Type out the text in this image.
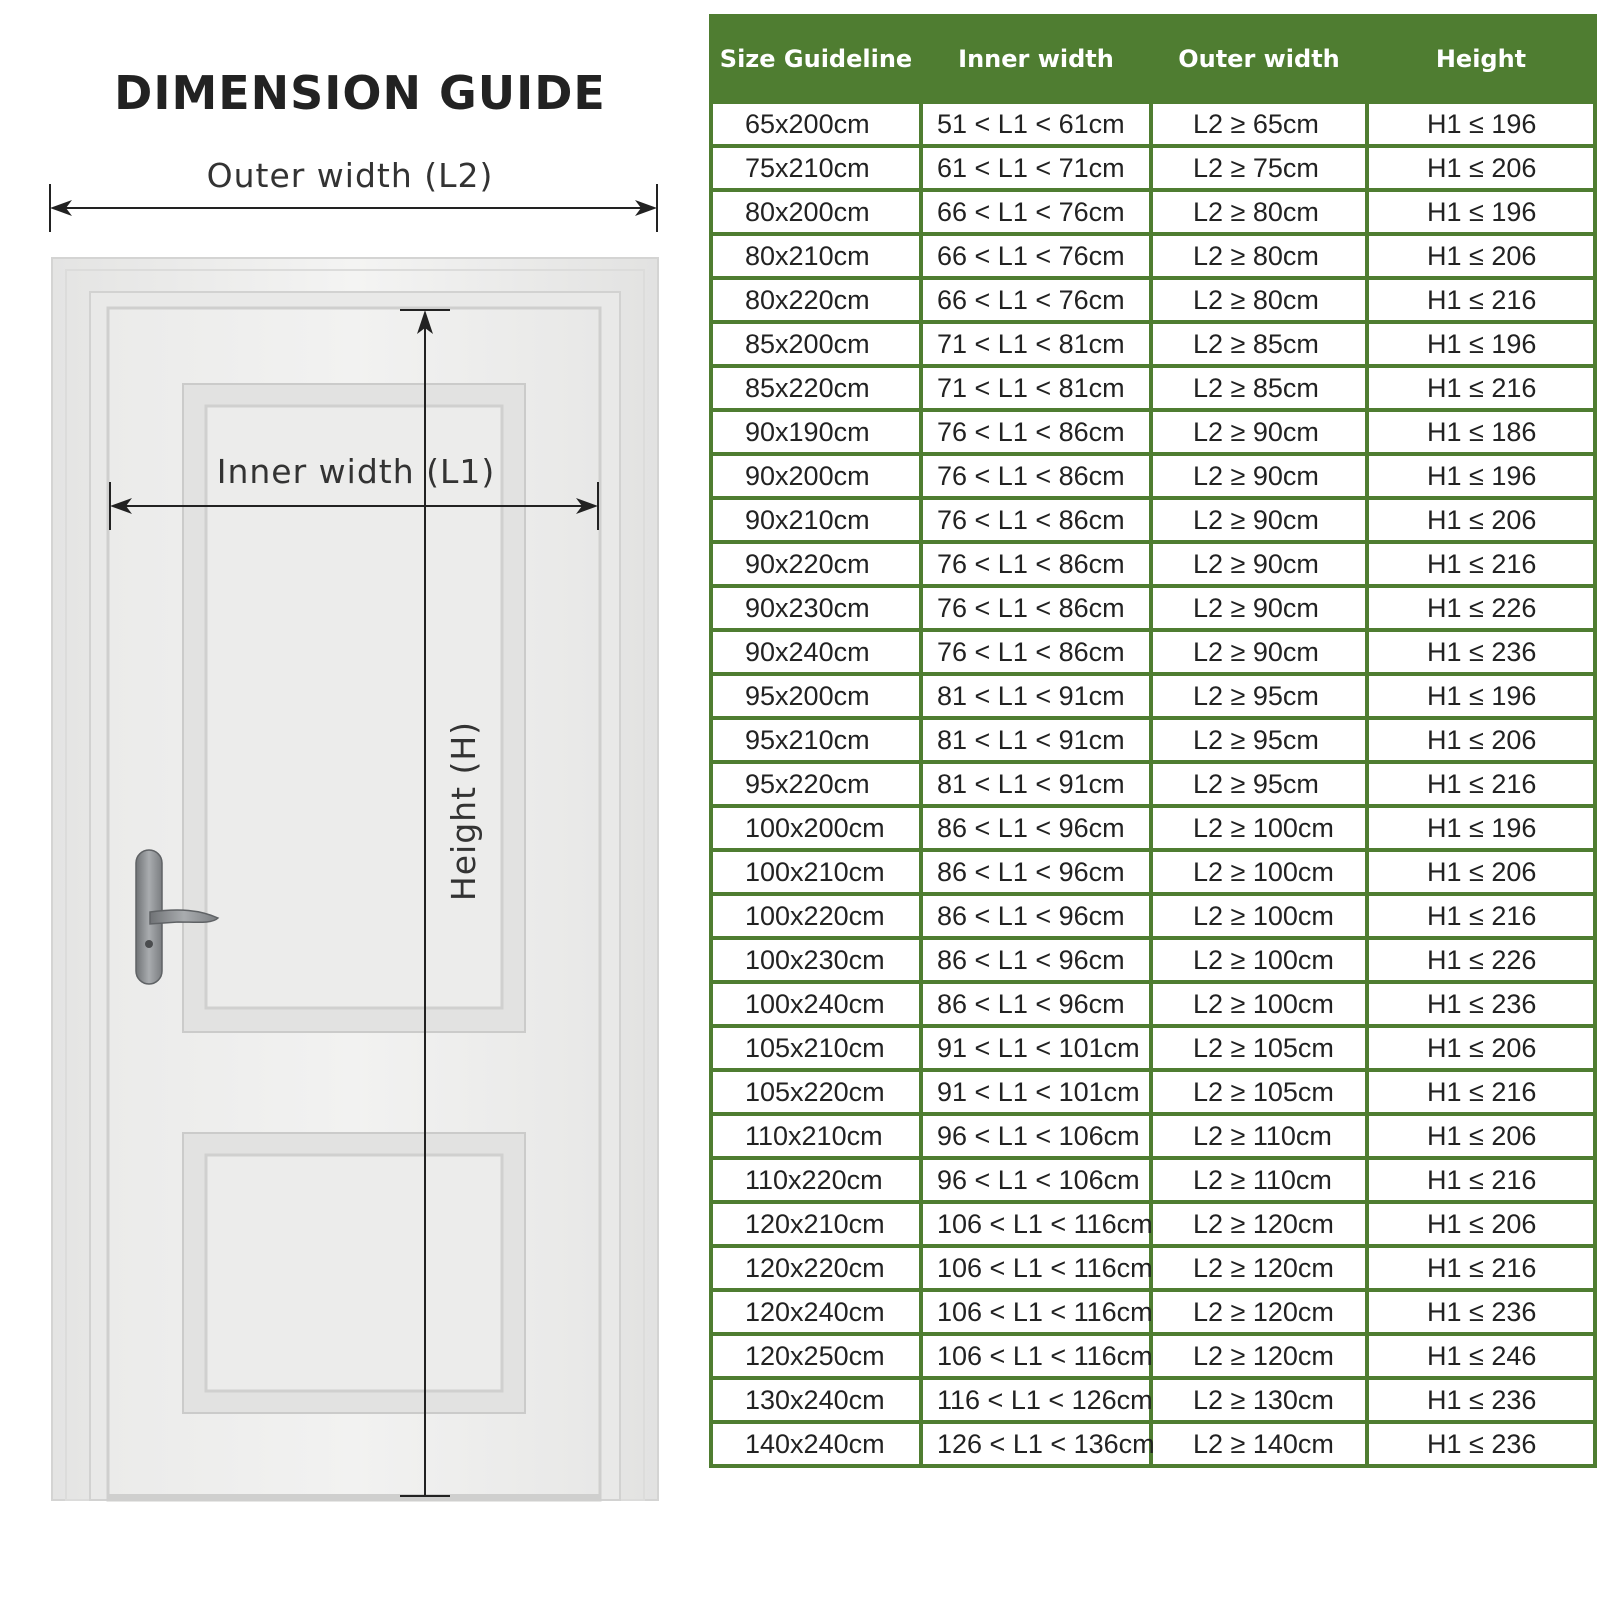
DIMENSION GUIDE
Outer width (L2)
Inner width (L1)
Height (H)
Size Guideline	Inner width	Outer width	Height
65x200cm	51 < L1 < 61cm	L2 ≥ 65cm	H1 ≤ 196
75x210cm	61 < L1 < 71cm	L2 ≥ 75cm	H1 ≤ 206
80x200cm	66 < L1 < 76cm	L2 ≥ 80cm	H1 ≤ 196
80x210cm	66 < L1 < 76cm	L2 ≥ 80cm	H1 ≤ 206
80x220cm	66 < L1 < 76cm	L2 ≥ 80cm	H1 ≤ 216
85x200cm	71 < L1 < 81cm	L2 ≥ 85cm	H1 ≤ 196
85x220cm	71 < L1 < 81cm	L2 ≥ 85cm	H1 ≤ 216
90x190cm	76 < L1 < 86cm	L2 ≥ 90cm	H1 ≤ 186
90x200cm	76 < L1 < 86cm	L2 ≥ 90cm	H1 ≤ 196
90x210cm	76 < L1 < 86cm	L2 ≥ 90cm	H1 ≤ 206
90x220cm	76 < L1 < 86cm	L2 ≥ 90cm	H1 ≤ 216
90x230cm	76 < L1 < 86cm	L2 ≥ 90cm	H1 ≤ 226
90x240cm	76 < L1 < 86cm	L2 ≥ 90cm	H1 ≤ 236
95x200cm	81 < L1 < 91cm	L2 ≥ 95cm	H1 ≤ 196
95x210cm	81 < L1 < 91cm	L2 ≥ 95cm	H1 ≤ 206
95x220cm	81 < L1 < 91cm	L2 ≥ 95cm	H1 ≤ 216
100x200cm	86 < L1 < 96cm	L2 ≥ 100cm	H1 ≤ 196
100x210cm	86 < L1 < 96cm	L2 ≥ 100cm	H1 ≤ 206
100x220cm	86 < L1 < 96cm	L2 ≥ 100cm	H1 ≤ 216
100x230cm	86 < L1 < 96cm	L2 ≥ 100cm	H1 ≤ 226
100x240cm	86 < L1 < 96cm	L2 ≥ 100cm	H1 ≤ 236
105x210cm	91 < L1 < 101cm	L2 ≥ 105cm	H1 ≤ 206
105x220cm	91 < L1 < 101cm	L2 ≥ 105cm	H1 ≤ 216
110x210cm	96 < L1 < 106cm	L2 ≥ 110cm	H1 ≤ 206
110x220cm	96 < L1 < 106cm	L2 ≥ 110cm	H1 ≤ 216
120x210cm	106 < L1 < 116cm	L2 ≥ 120cm	H1 ≤ 206
120x220cm	106 < L1 < 116cm	L2 ≥ 120cm	H1 ≤ 216
120x240cm	106 < L1 < 116cm	L2 ≥ 120cm	H1 ≤ 236
120x250cm	106 < L1 < 116cm	L2 ≥ 120cm	H1 ≤ 246
130x240cm	116 < L1 < 126cm	L2 ≥ 130cm	H1 ≤ 236
140x240cm	126 < L1 < 136cm	L2 ≥ 140cm	H1 ≤ 236
